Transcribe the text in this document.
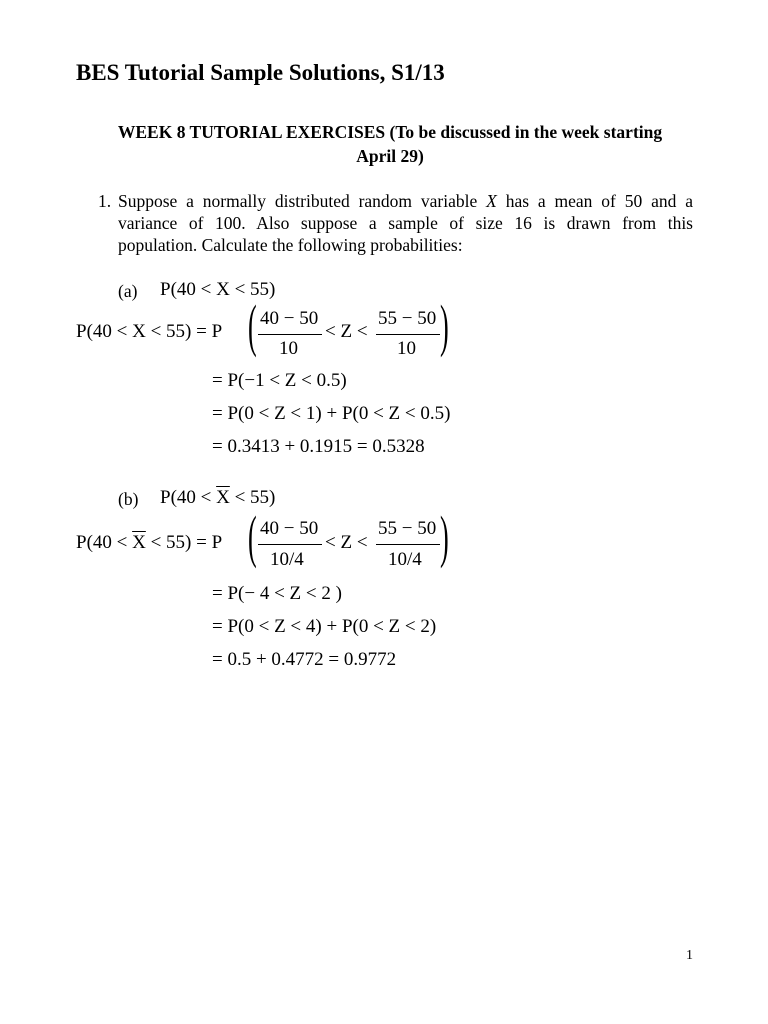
BES Tutorial Sample Solutions, S1/13
WEEK 8 TUTORIAL EXERCISES (To be discussed in the week starting
April 29)
1. Suppose a normally distributed random variable X has a mean of 50 and a
variance of 100. Also suppose a sample of size 16 is drawn from this
population. Calculate the following probabilities:
(a) P(40 < X < 55)
P(40 < X < 55) = P ( 40 − 50
10
< Z <
55 − 50
10 )
= P(−1 < Z < 0.5)
= P(0 < Z < 1) + P(0 < Z < 0.5)
= 0.3413 + 0.1915 = 0.5328
(b) $P(40 < \overline{X} < 55)$
$P(40 < \overline{X} < 55) = P$ ( 40 − 50
10/4
< Z <
55 − 50
10/4 )
= P(− 4 < Z < 2 )
= P(0 < Z < 4) + P(0 < Z < 2)
= 0.5 + 0.4772 = 0.9772
1
